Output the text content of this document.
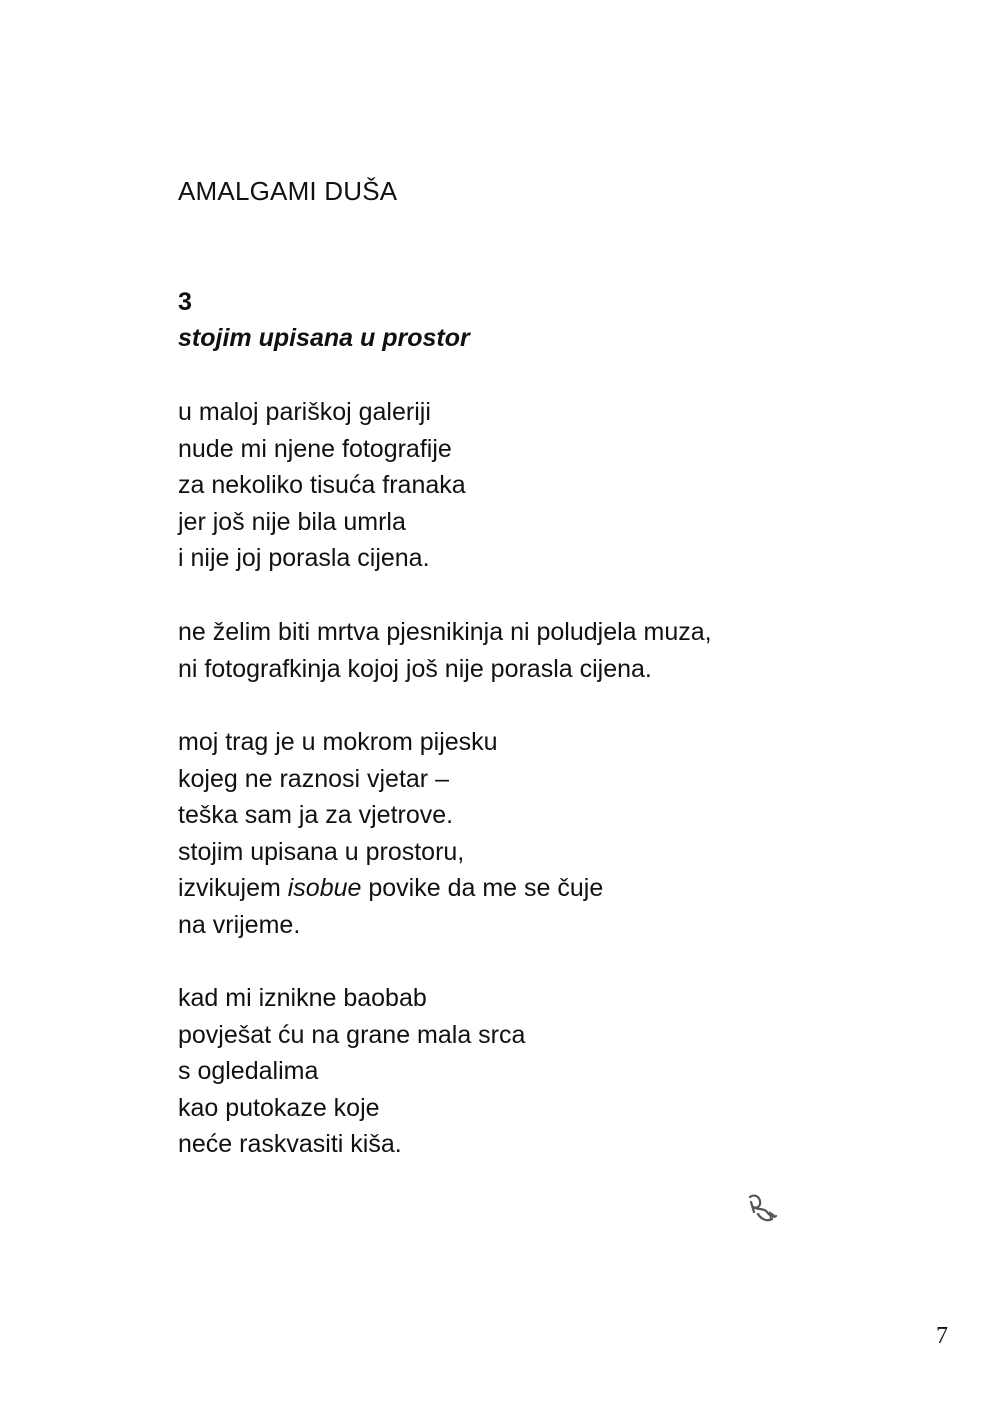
AMALGAMI DUŠA
3
stojim upisana u prostor
u maloj pariškoj galeriji
nude mi njene fotografije
za nekoliko tisuća franaka
jer još nije bila umrla
i nije joj porasla cijena.
ne želim biti mrtva pjesnikinja ni poludjela muza,
ni fotografkinja kojoj još nije porasla cijena.
moj trag je u mokrom pijesku
kojeg ne raznosi vjetar –
teška sam ja za vjetrove.
stojim upisana u prostoru,
izvikujem isobue povike da me se čuje
na vrijeme.
kad mi iznikne baobab
povješat ću na grane mala srca
s ogledalima
kao putokaze koje
neće raskvasiti kiša.
7
